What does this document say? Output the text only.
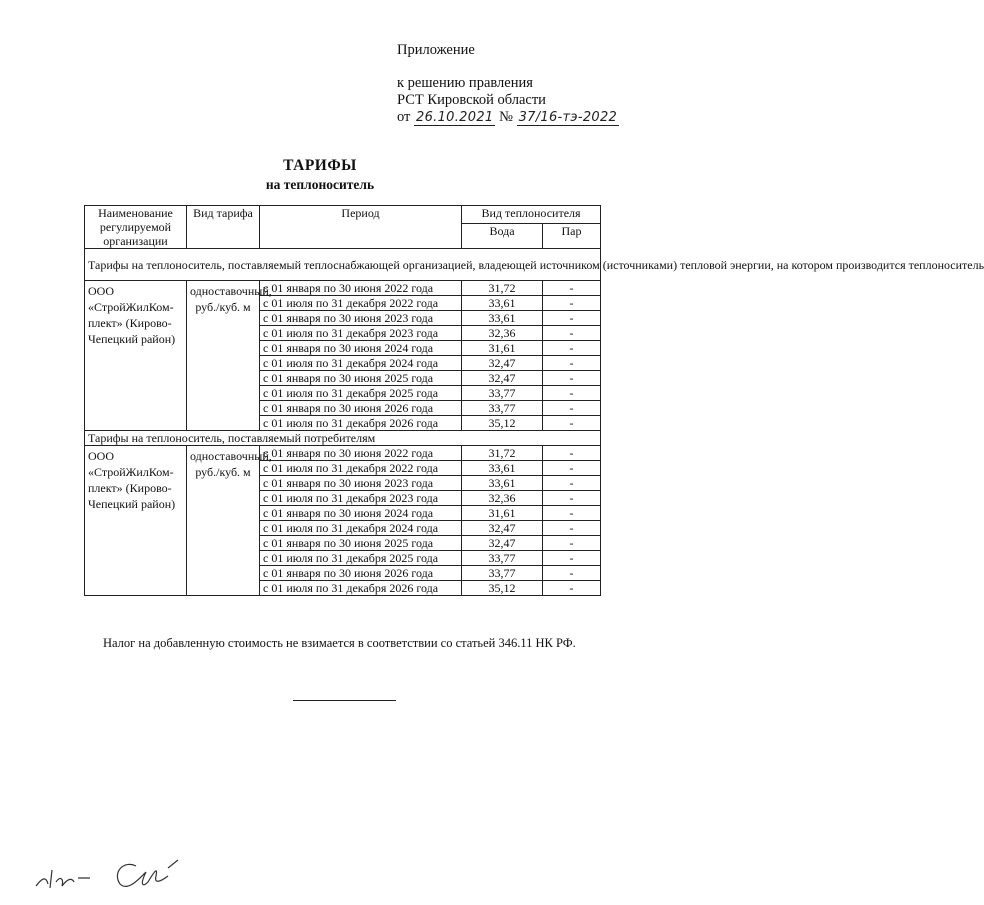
Приложение
к решению правления
РСТ Кировской области
от 26.10.2021 № 37/16-тэ-2022
ТАРИФЫ
на теплоноситель
Наименование регулируемой организации	Вид тарифа	Период	Вид теплоносителя	
			Вода	Пар
Тарифы на теплоноситель, поставляемый теплоснабжающей организацией, владеющей источником (источниками) тепловой энергии, на котором производится теплоноситель				
ООО «СтройЖилКом-плект» (Кирово-Чепецкий район)	одноставочный, руб./куб. м	с 01 января по 30 июня 2022 года	31,72	-
		с 01 июля по 31 декабря 2022 года	33,61	-
		с 01 января по 30 июня 2023 года	33,61	-
		с 01 июля по 31 декабря 2023 года	32,36	-
		с 01 января по 30 июня 2024 года	31,61	-
		с 01 июля по 31 декабря 2024 года	32,47	-
		с 01 января по 30 июня 2025 года	32,47	-
		с 01 июля по 31 декабря 2025 года	33,77	-
		с 01 января по 30 июня 2026 года	33,77	-
		с 01 июля по 31 декабря 2026 года	35,12	-
Тарифы на теплоноситель, поставляемый потребителям				
ООО «СтройЖилКом-плект» (Кирово-Чепецкий район)	одноставочный, руб./куб. м	с 01 января по 30 июня 2022 года	31,72	-
		с 01 июля по 31 декабря 2022 года	33,61	-
		с 01 января по 30 июня 2023 года	33,61	-
		с 01 июля по 31 декабря 2023 года	32,36	-
		с 01 января по 30 июня 2024 года	31,61	-
		с 01 июля по 31 декабря 2024 года	32,47	-
		с 01 января по 30 июня 2025 года	32,47	-
		с 01 июля по 31 декабря 2025 года	33,77	-
		с 01 января по 30 июня 2026 года	33,77	-
		с 01 июля по 31 декабря 2026 года	35,12	-
Налог на добавленную стоимость не взимается в соответствии со статьей 346.11 НК РФ.
